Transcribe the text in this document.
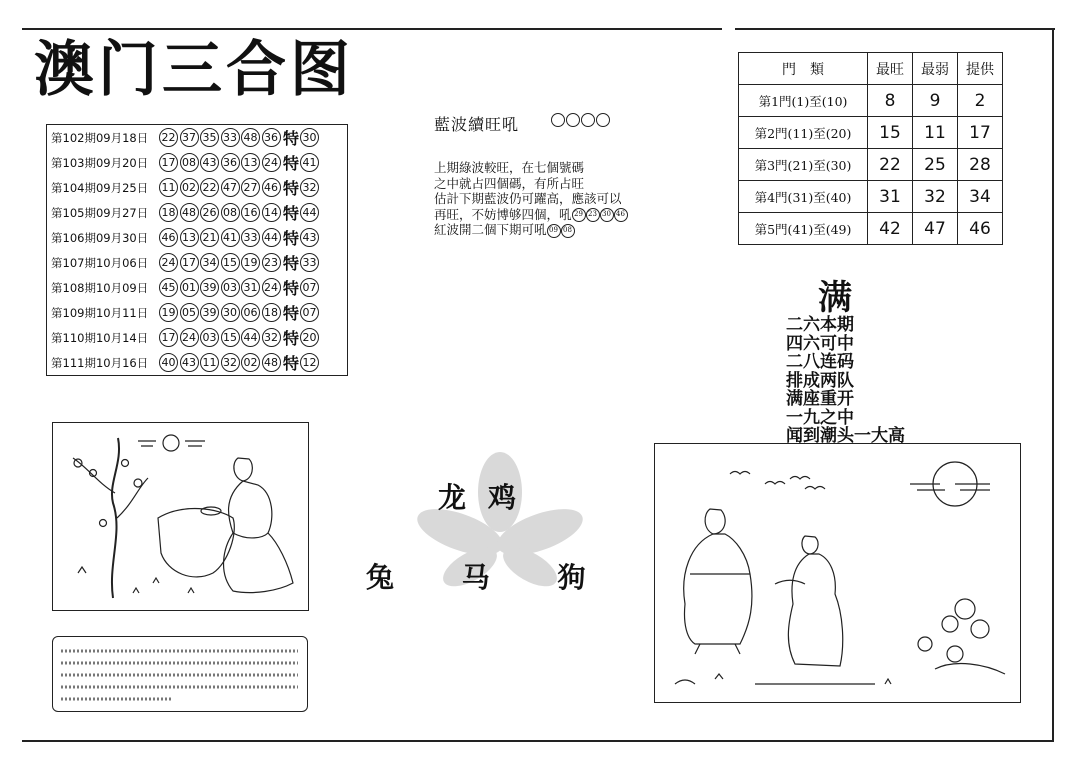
澳门三合图
第102期09月18日	22 37 35 33 48 36 特 30
第103期09月20日	17 08 43 36 13 24 特 41
第104期09月25日	11 02 22 47 27 46 特 32
第105期09月27日	18 48 26 08 16 14 特 44
第106期09月30日	46 13 21 41 33 44 特 43
第107期10月06日	24 17 34 15 19 23 特 33
第108期10月09日	45 01 39 03 31 24 特 07
第109期10月11日	19 05 39 30 06 18 特 07
第110期10月14日	17 24 03 15 44 32 特 20
第111期10月16日	40 43 11 32 02 48 特 12
藍波續旺吼
上期綠波較旺，在七個號碼
之中就占四個碼，有所占旺
估計下期藍波仍可躍高，應該可以
再旺，不妨博够四個，吼 29 23 30 46
紅波開二個下期可吼 09 08
門　類	最旺	最弱	提供
第1門(1)至(10)	8	9	2
第2門(11)至(20)	15	11	17
第3門(21)至(30)	22	25	28
第4門(31)至(40)	31	32	34
第5門(41)至(49)	42	47	46
满
二六本期
四六可中
二八连码
排成两队
满座重开
一九之中
闻到潮头一大高
龙鸡
兔 马 狗
